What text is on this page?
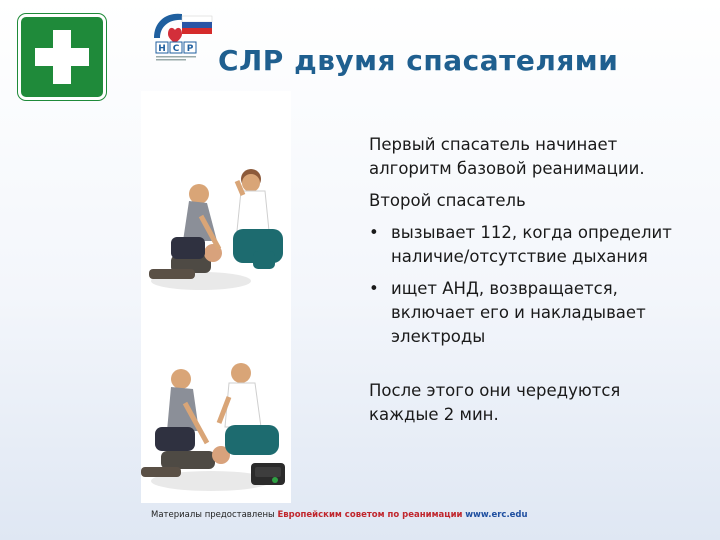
Н С Р СЛР двумя спасателями

Первый спасатель начинает алгоритм базовой реанимации.

Второй спасатель

• вызывает 112, когда определит наличие/отсутствие дыхания
• ищет АНД, возвращается, включает его и накладывает электроды

После этого они чередуются каждые 2 мин.

Материалы предоставлены Европейским советом по реанимации www.erc.edu
